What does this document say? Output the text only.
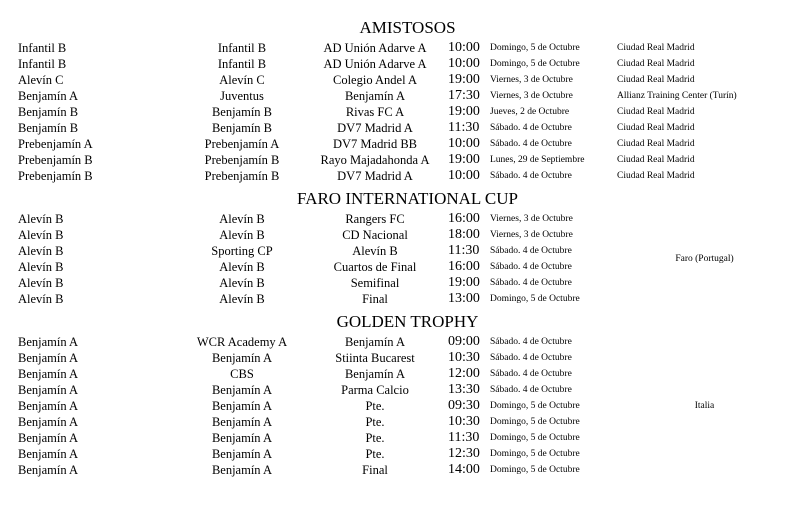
AMISTOSOS
Infantil B	Infantil B	AD Unión Adarve A	10:00 Domingo, 5 de Octubre	Ciudad Real Madrid
Infantil B	Infantil B	AD Unión Adarve A	10:00 Domingo, 5 de Octubre	Ciudad Real Madrid
Alevín C	Alevín C	Colegio Andel A	19:00 Viernes, 3 de Octubre	Ciudad Real Madrid
Benjamín A	Juventus	Benjamín A	17:30 Viernes, 3 de Octubre	Allianz Training Center (Turín)
Benjamín B	Benjamín B	Rivas FC A	19:00 Jueves, 2 de Octubre	Ciudad Real Madrid
Benjamín B	Benjamín B	DV7 Madrid A	11:30 Sábado. 4 de Octubre	Ciudad Real Madrid
Prebenjamín A	Prebenjamín A	DV7 Madrid BB	10:00 Sábado. 4 de Octubre	Ciudad Real Madrid
Prebenjamín B	Prebenjamín B	Rayo Majadahonda A	19:00 Lunes, 29 de Septiembre	Ciudad Real Madrid
Prebenjamín B	Prebenjamín B	DV7 Madrid A	10:00 Sábado. 4 de Octubre	Ciudad Real Madrid
FARO INTERNATIONAL CUP
Alevín B	Alevín B	Rangers FC	16:00 Viernes, 3 de Octubre
Alevín B	Alevín B	CD Nacional	18:00 Viernes, 3 de Octubre
Alevín B	Sporting CP	Alevín B	11:30 Sábado. 4 de Octubre
Alevín B	Alevín B	Cuartos de Final	16:00 Sábado. 4 de Octubre
Alevín B	Alevín B	Semifinal	19:00 Sábado. 4 de Octubre
Alevín B	Alevín B	Final	13:00 Domingo, 5 de Octubre
Faro (Portugal)
GOLDEN TROPHY
Benjamín A	WCR Academy A	Benjamín A	09:00 Sábado. 4 de Octubre
Benjamín A	Benjamín A	Stiinta Bucarest	10:30 Sábado. 4 de Octubre
Benjamín A	CBS	Benjamín A	12:00 Sábado. 4 de Octubre
Benjamín A	Benjamín A	Parma Calcio	13:30 Sábado. 4 de Octubre
Benjamín A	Benjamín A	Pte.	09:30 Domingo, 5 de Octubre
Benjamín A	Benjamín A	Pte.	10:30 Domingo, 5 de Octubre
Benjamín A	Benjamín A	Pte.	11:30 Domingo, 5 de Octubre
Benjamín A	Benjamín A	Pte.	12:30 Domingo, 5 de Octubre
Benjamín A	Benjamín A	Final	14:00 Domingo, 5 de Octubre
Italia
